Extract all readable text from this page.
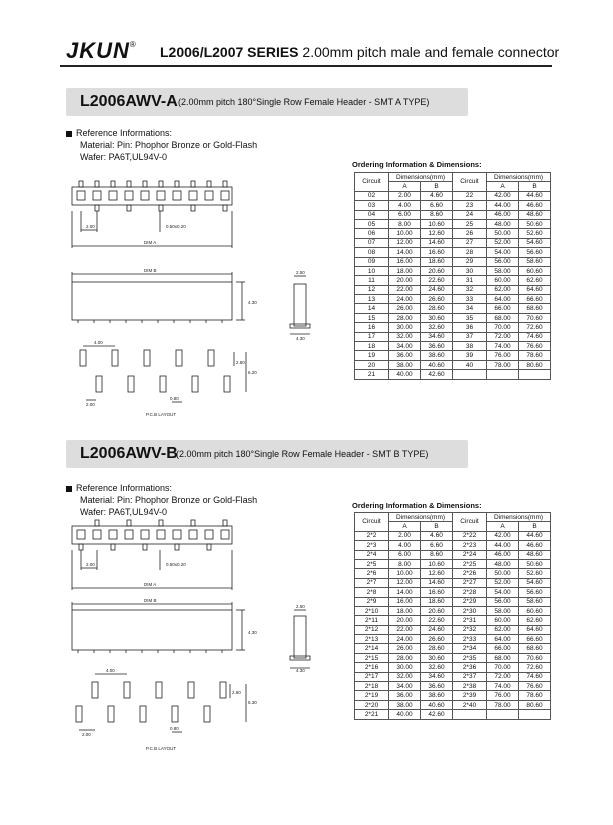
JKUN® L2006/L2007 SERIES 2.00mm pitch male and female connector
L2006AWV-A (2.00mm pitch 180°Single Row Female Header - SMT A TYPE)
Reference Informations:
Material: Pin: Phophor Bronze or Gold-Flash
Wafer: PA6T,UL94V-0
Ordering Information & Dimensions:
Circuit	Dimensions(mm)		Circuit	Dimensions(mm)	
	A	B		A	B
02	2.00	4.60	22	42.00	44.60
03	4.00	6.60	23	44.00	46.60
04	6.00	8.60	24	46.00	48.60
05	8.00	10.60	25	48.00	50.60
06	10.00	12.60	26	50.00	52.60
07	12.00	14.60	27	52.00	54.60
08	14.00	16.60	28	54.00	56.60
09	16.00	18.60	29	56.00	58.60
10	18.00	20.60	30	58.00	60.60
11	20.00	22.60	31	60.00	62.60
12	22.00	24.60	32	62.00	64.60
13	24.00	26.60	33	64.00	66.60
14	26.00	28.60	34	66.00	68.60
15	28.00	30.60	35	68.00	70.60
16	30.00	32.60	36	70.00	72.60
17	32.00	34.60	37	72.00	74.60
18	34.00	36.60	38	74.00	76.60
19	36.00	38.60	39	76.00	78.60
20	38.00	40.60	40	78.00	80.60
21	40.00	42.60			
2.00	0.50x0.20
DIM A
DIM B	2.50
4.30
4.30
4.00
2.60
6.20
2.00
0.80
P.C.B LAYOUT
L2006AWV-B
(2.00mm pitch 180°Single Row Female Header - SMT B TYPE)
Reference Informations:
Material: Pin: Phophor Bronze or Gold-Flash
Wafer: PA6T,UL94V-0
Ordering Information & Dimensions:
Circuit	Dimensions(mm)		Circuit	Dimensions(mm)	
	A	B		A	B
2*2	2.00	4.60	2*22	42.00	44.60
2*3	4.00	6.60	2*23	44.00	46.60
2*4	6.00	8.60	2*24	46.00	48.60
2*5	8.00	10.60	2*25	48.00	50.60
2*6	10.00	12.60	2*26	50.00	52.60
2*7	12.00	14.60	2*27	52.00	54.60
2*8	14.00	16.60	2*28	54.00	56.60
2*9	16.00	18.60	2*29	56.00	58.60
2*10	18.00	20.60	2*30	58.00	60.60
2*11	20.00	22.60	2*31	60.00	62.60
2*12	22.00	24.60	2*32	62.00	64.60
2*13	24.00	26.60	2*33	64.00	66.60
2*14	26.00	28.60	2*34	66.00	68.60
2*15	28.00	30.60	2*35	68.00	70.60
2*16	30.00	32.60	2*36	70.00	72.60
2*17	32.00	34.60	2*37	72.00	74.60
2*18	34.00	36.60	2*38	74.00	76.60
2*19	36.00	38.60	2*39	76.00	78.60
2*20	38.00	40.60	2*40	78.00	80.60
2*21	40.00	42.60			
2.00	0.50x0.20
DIM A
DIM B
2.50
4.30
4.30
4.00
2.60
5.30
2.00
0.80
P.C.B LAYOUT
